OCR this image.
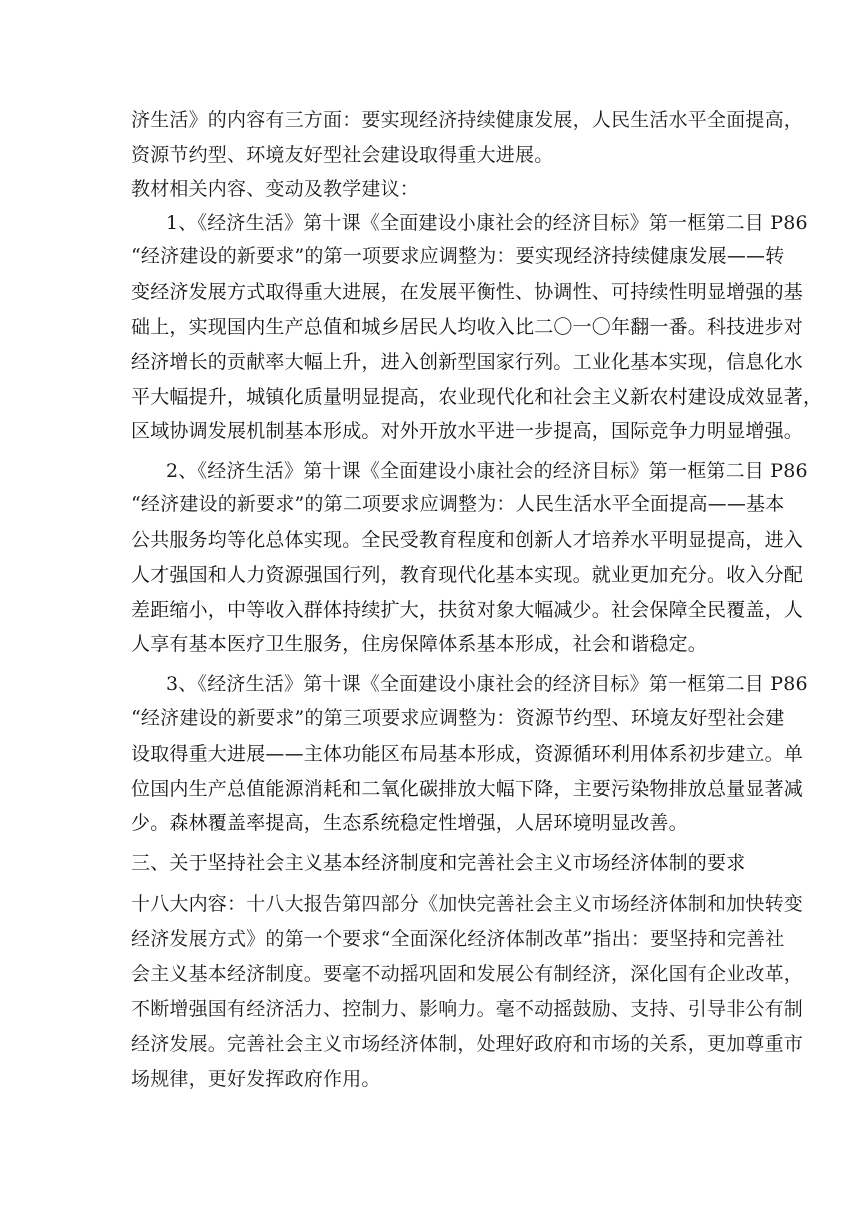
济生活》的内容有三方面：要实现经济持续健康发展，人民生活水平全面提高，
资源节约型、环境友好型社会建设取得重大进展。
教材相关内容、变动及教学建议：
1、《经济生活》第十课《全面建设小康社会的经济目标》第一框第二目 P86
“经济建设的新要求”的第一项要求应调整为：要实现经济持续健康发展——转
变经济发展方式取得重大进展，在发展平衡性、协调性、可持续性明显增强的基
础上，实现国内生产总值和城乡居民人均收入比二〇一〇年翻一番。科技进步对
经济增长的贡献率大幅上升，进入创新型国家行列。工业化基本实现，信息化水
平大幅提升，城镇化质量明显提高，农业现代化和社会主义新农村建设成效显著，
区域协调发展机制基本形成。对外开放水平进一步提高，国际竞争力明显增强。
2、《经济生活》第十课《全面建设小康社会的经济目标》第一框第二目 P86
“经济建设的新要求”的第二项要求应调整为：人民生活水平全面提高——基本
公共服务均等化总体实现。全民受教育程度和创新人才培养水平明显提高，进入
人才强国和人力资源强国行列，教育现代化基本实现。就业更加充分。收入分配
差距缩小，中等收入群体持续扩大，扶贫对象大幅减少。社会保障全民覆盖，人
人享有基本医疗卫生服务，住房保障体系基本形成，社会和谐稳定。
3、《经济生活》第十课《全面建设小康社会的经济目标》第一框第二目 P86
“经济建设的新要求”的第三项要求应调整为：资源节约型、环境友好型社会建
设取得重大进展——主体功能区布局基本形成，资源循环利用体系初步建立。单
位国内生产总值能源消耗和二氧化碳排放大幅下降，主要污染物排放总量显著减
少。森林覆盖率提高，生态系统稳定性增强，人居环境明显改善。
三、关于坚持社会主义基本经济制度和完善社会主义市场经济体制的要求
十八大内容：十八大报告第四部分《加快完善社会主义市场经济体制和加快转变
经济发展方式》的第一个要求“全面深化经济体制改革”指出：要坚持和完善社
会主义基本经济制度。要毫不动摇巩固和发展公有制经济，深化国有企业改革，
不断增强国有经济活力、控制力、影响力。毫不动摇鼓励、支持、引导非公有制
经济发展。完善社会主义市场经济体制，处理好政府和市场的关系，更加尊重市
场规律，更好发挥政府作用。
